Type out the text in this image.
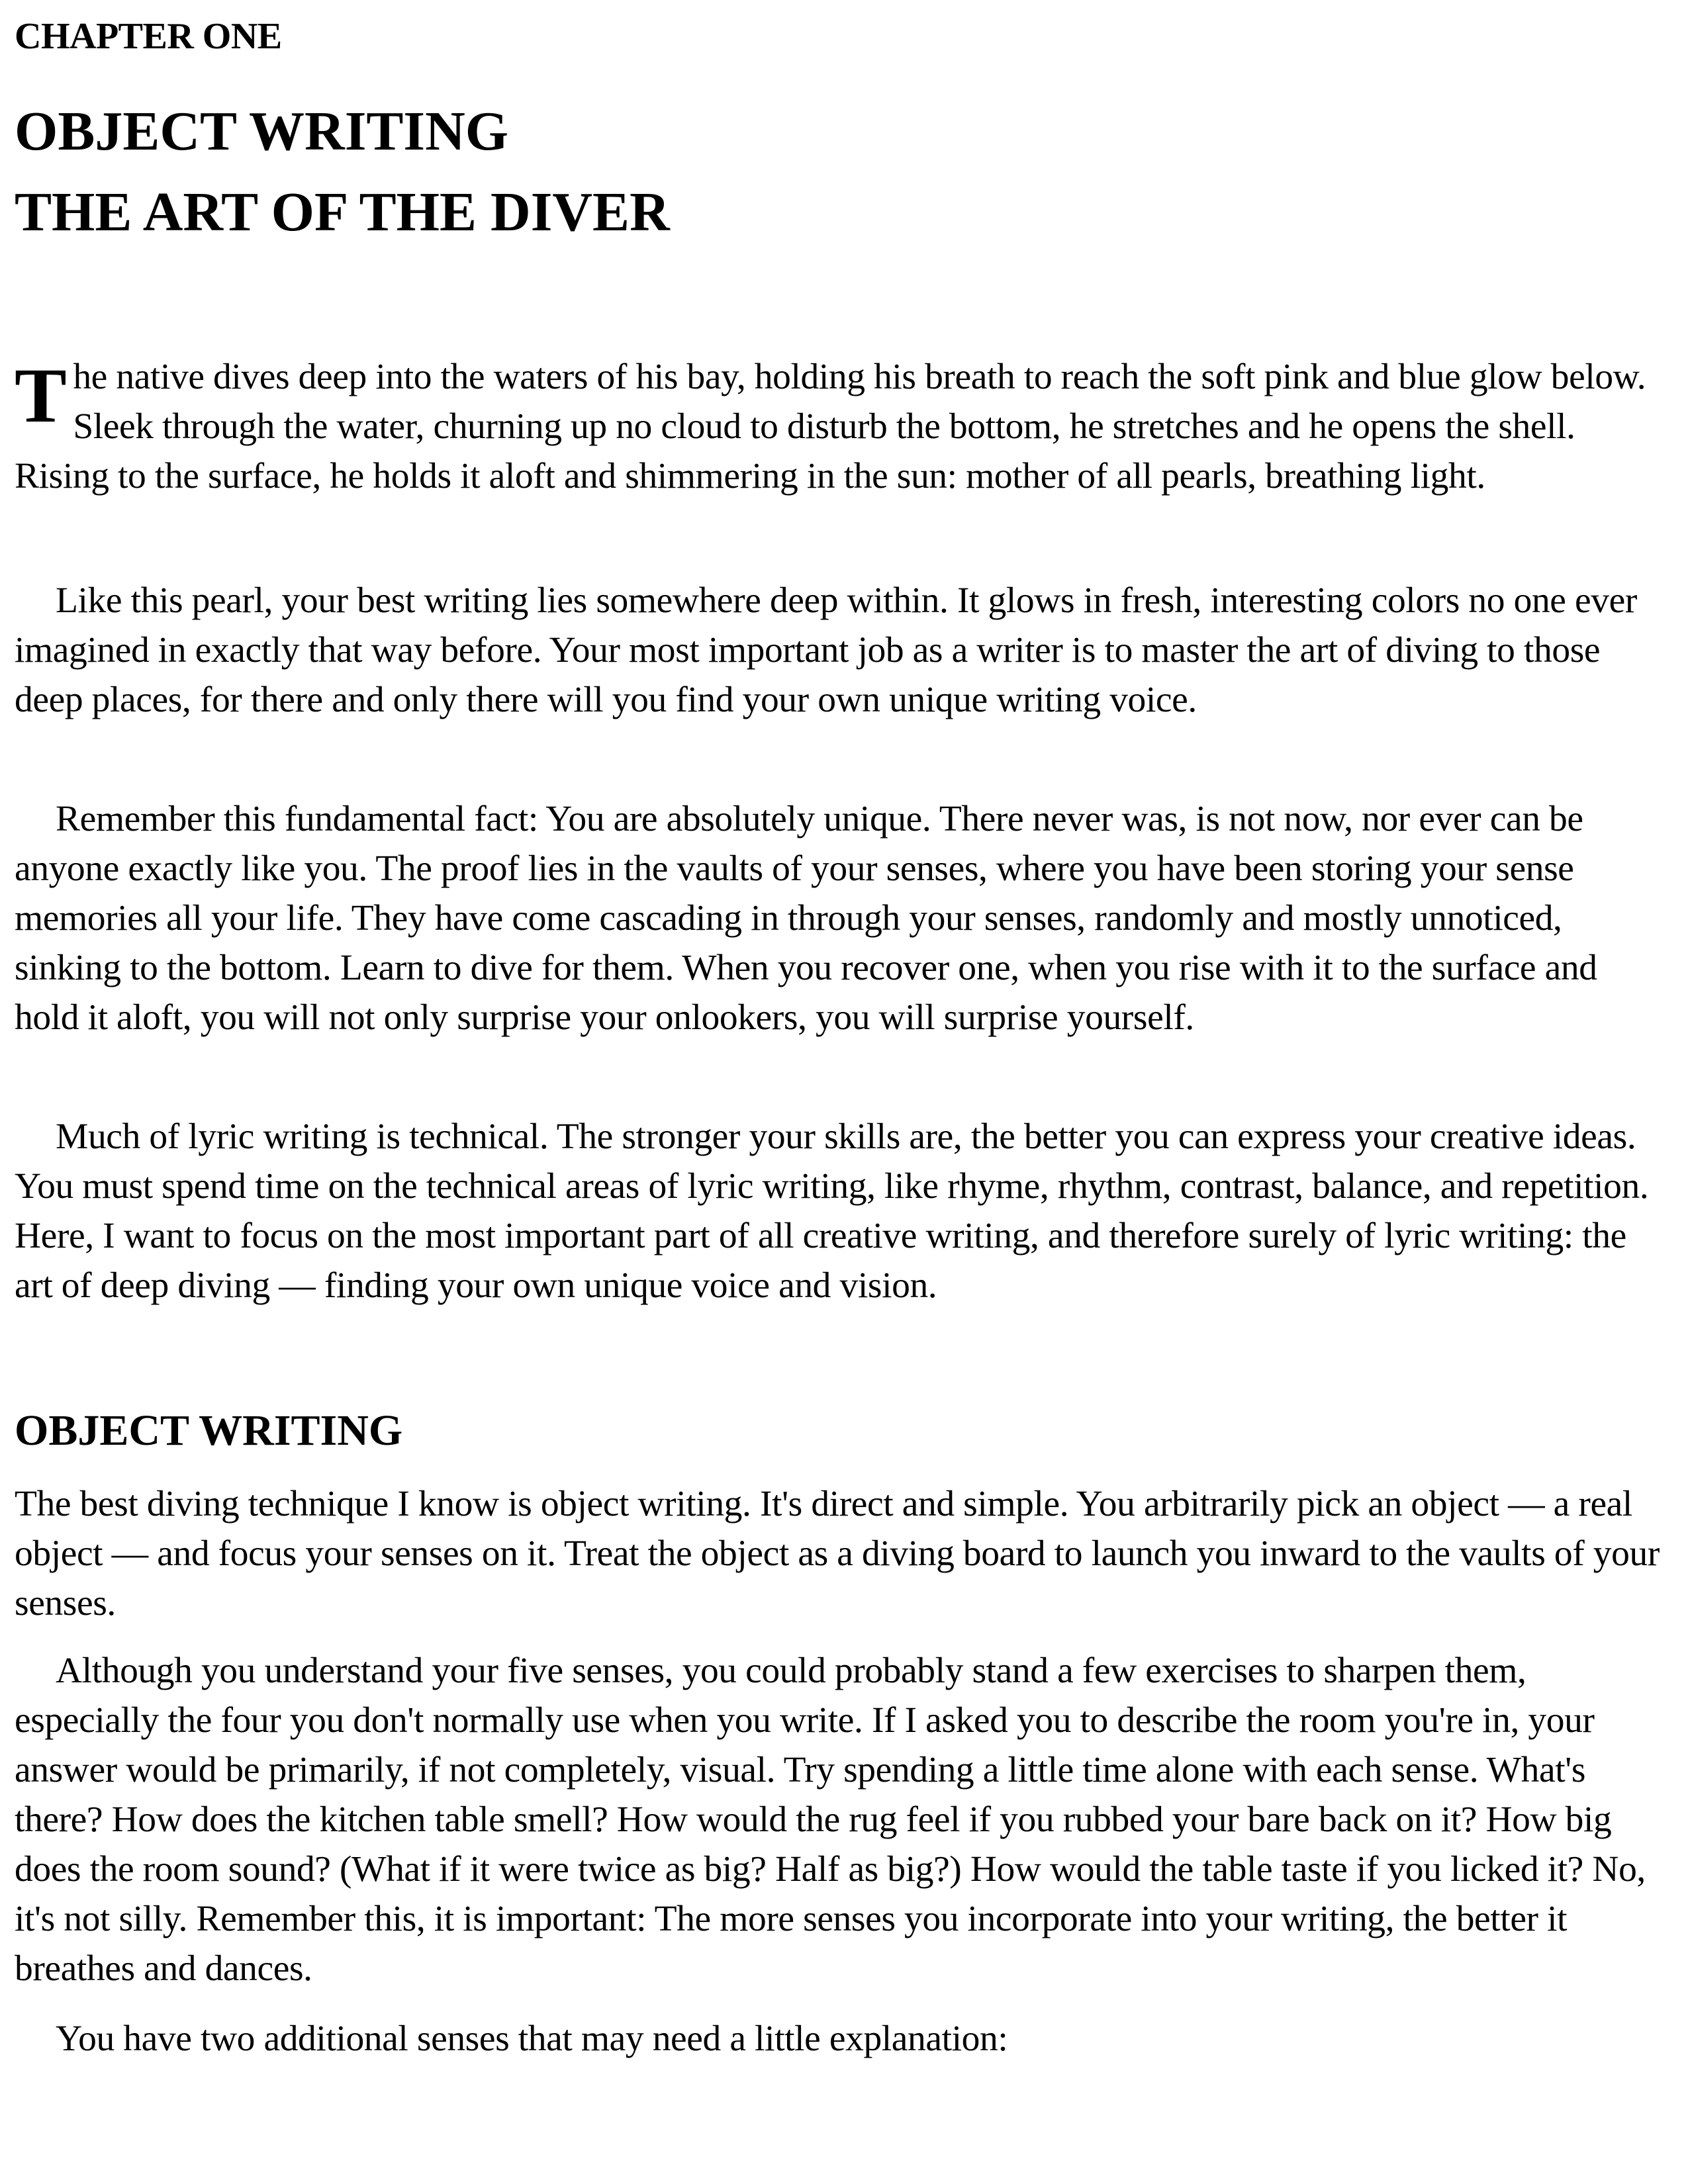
CHAPTER ONE
OBJECT WRITING
THE ART OF THE DIVER

The native dives deep into the waters of his bay, holding his breath to reach the soft pink and blue glow below. Sleek through the water, churning up no cloud to disturb the bottom, he stretches and he opens the shell. Rising to the surface, he holds it aloft and shimmering in the sun: mother of all pearls, breathing light.

Like this pearl, your best writing lies somewhere deep within. It glows in fresh, interesting colors no one ever imagined in exactly that way before. Your most important job as a writer is to master the art of diving to those deep places, for there and only there will you find your own unique writing voice.

Remember this fundamental fact: You are absolutely unique. There never was, is not now, nor ever can be anyone exactly like you. The proof lies in the vaults of your senses, where you have been storing your sense memories all your life. They have come cascading in through your senses, randomly and mostly unnoticed, sinking to the bottom. Learn to dive for them. When you recover one, when you rise with it to the surface and hold it aloft, you will not only surprise your onlookers, you will surprise yourself.

Much of lyric writing is technical. The stronger your skills are, the better you can express your creative ideas. You must spend time on the technical areas of lyric writing, like rhyme, rhythm, contrast, balance, and repetition. Here, I want to focus on the most important part of all creative writing, and therefore surely of lyric writing: the art of deep diving — finding your own unique voice and vision.

OBJECT WRITING

The best diving technique I know is object writing. It's direct and simple. You arbitrarily pick an object — a real object — and focus your senses on it. Treat the object as a diving board to launch you inward to the vaults of your senses.

Although you understand your five senses, you could probably stand a few exercises to sharpen them, especially the four you don't normally use when you write. If I asked you to describe the room you're in, your answer would be primarily, if not completely, visual. Try spending a little time alone with each sense. What's there? How does the kitchen table smell? How would the rug feel if you rubbed your bare back on it? How big does the room sound? (What if it were twice as big? Half as big?) How would the table taste if you licked it? No, it's not silly. Remember this, it is important: The more senses you incorporate into your writing, the better it breathes and dances.

You have two additional senses that may need a little explanation:
